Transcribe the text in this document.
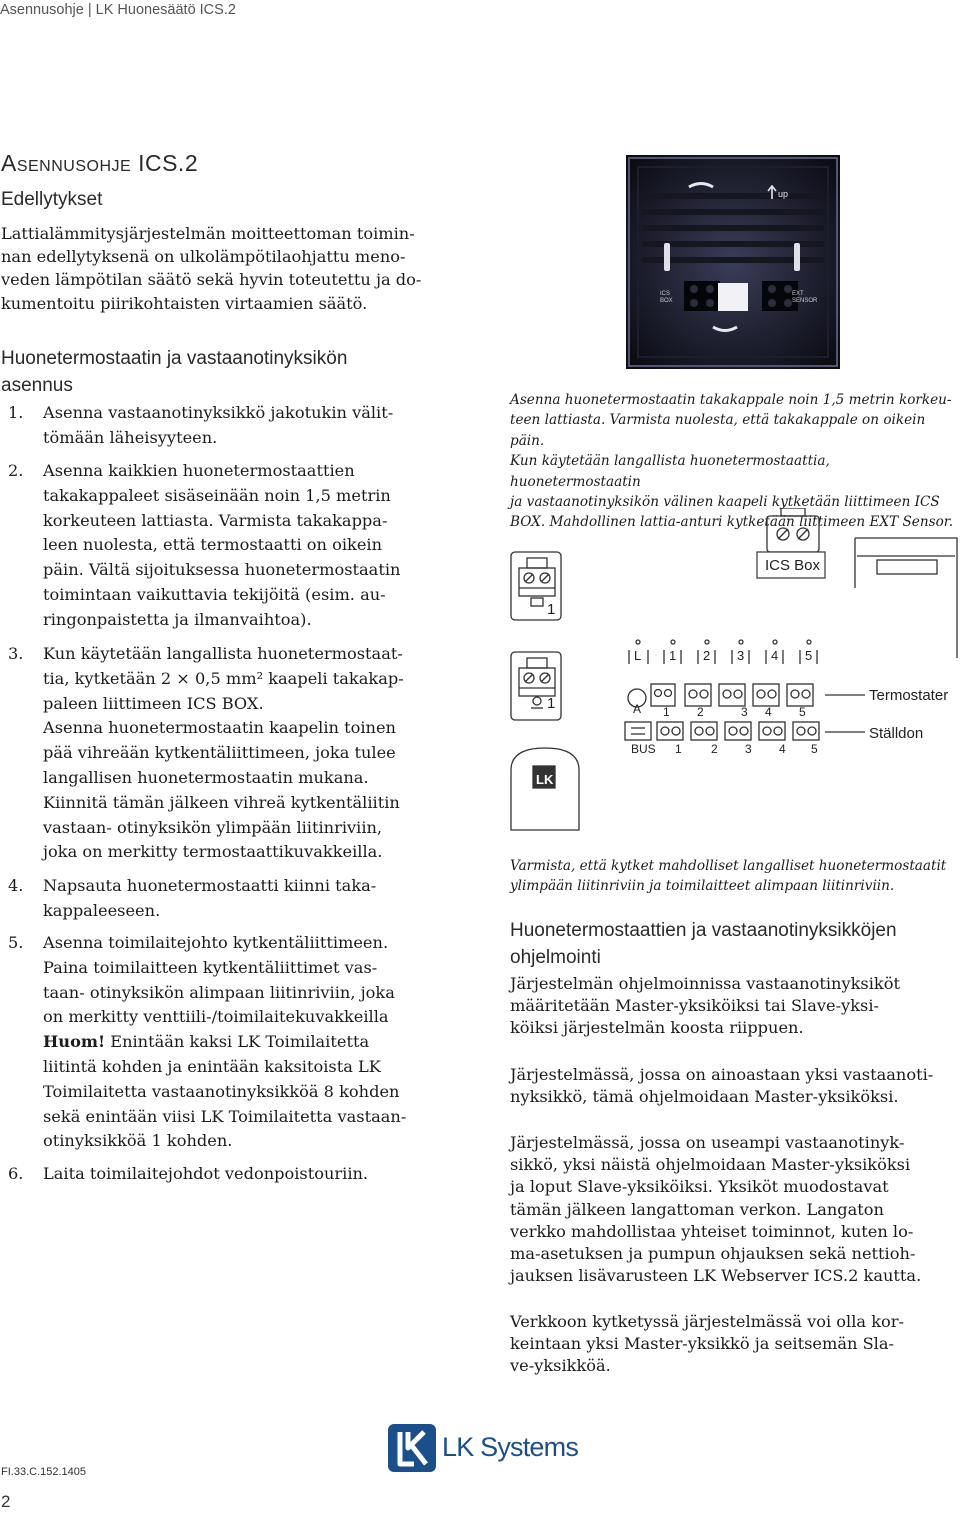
Asennusohje | LK Huonesäätö ICS.2
Asennusohje ICS.2
Edellytykset
Lattialämmitysjärjestelmän moitteettoman toimin-
nan edellytyksenä on ulkolämpötilaohjattu meno-
veden lämpötilan säätö sekä hyvin toteutettu ja do-
kumentoitu piirikohtaisten virtaamien säätö.
Huonetermostaatin ja vastaanotinyksikön
asennus
1. Asenna vastaanotinyksikkö jakotukin välit-
tömään läheisyyteen.
2. Asenna kaikkien huonetermostaattien
takakappaleet sisäseinään noin 1,5 metrin
korkeuteen lattiasta. Varmista takakappa-
leen nuolesta, että termostaatti on oikein
päin. Vältä sijoituksessa huonetermostaatin
toimintaan vaikuttavia tekijöitä (esim. au-
ringonpaistetta ja ilmanvaihtoa).
3. Kun käytetään langallista huonetermostaat-
tia, kytketään 2 × 0,5 mm² kaapeli takakap-
paleen liittimeen ICS BOX.
Asenna huonetermostaatin kaapelin toinen
pää vihreään kytkentäliittimeen, joka tulee
langallisen huonetermostaatin mukana.
Kiinnitä tämän jälkeen vihreä kytkentäliitin
vastaan- otinyksikön ylimpään liitinriviin,
joka on merkitty termostaattikuvakkeilla.
4. Napsauta huonetermostaatti kiinni taka-
kappaleeseen.
5. Asenna toimilaitejohto kytkentäliittimeen.
Paina toimilaitteen kytkentäliittimet vas-
taan- otinyksikön alimpaan liitinriviin, joka
on merkitty venttiili-/toimilaitekuvakkeilla
Huom! Enintään kaksi LK Toimilaitetta
liitintä kohden ja enintään kaksitoista LK
Toimilaitetta vastaanotinyksikköä 8 kohden
sekä enintään viisi LK Toimilaitetta vastaan-
otinyksikköä 1 kohden.
6. Laita toimilaitejohdot vedonpoistouriin.
up
ICS
BOX
EXT
SENSOR
Asenna huonetermostaatin takakappale noin 1,5 metrin korkeu-
teen lattiasta. Varmista nuolesta, että takakappale on oikein päin.
Kun käytetään langallista huonetermostaattia, huonetermostaatin
ja vastaanotinyksikön välinen kaapeli kytketään liittimeen ICS
BOX. Mahdollinen lattia-anturi kytketään liittimeen EXT Sensor.
1
1
ICS Box
L 1 2 3 4 5
A 1 2	3 4 5
Termostater
BUS 1 2 3 4 5
Ställdon
LK
Varmista, että kytket mahdolliset langalliset huonetermostaatit
ylimpään liitinriviin ja toimilaitteet alimpaan liitinriviin.
Huonetermostaattien ja vastaanotinyksikköjen
ohjelmointi
Järjestelmän ohjelmoinnissa vastaanotinyksiköt
määritetään Master-yksiköiksi tai Slave-yksi-
köiksi järjestelmän koosta riippuen.
Järjestelmässä, jossa on ainoastaan yksi vastaanoti-
nyksikkö, tämä ohjelmoidaan Master-yksiköksi.
Järjestelmässä, jossa on useampi vastaanotinyk-
sikkö, yksi näistä ohjelmoidaan Master-yksiköksi
ja loput Slave-yksiköiksi. Yksiköt muodostavat
tämän jälkeen langattoman verkon. Langaton
verkko mahdollistaa yhteiset toiminnot, kuten lo-
ma-asetuksen ja pumpun ohjauksen sekä nettioh-
jauksen lisävarusteen LK Webserver ICS.2 kautta.
Verkkoon kytketyssä järjestelmässä voi olla kor-
keintaan yksi Master-yksikkö ja seitsemän Sla-
ve-yksikköä.
LK Systems
FI.33.C.152.1405
2
